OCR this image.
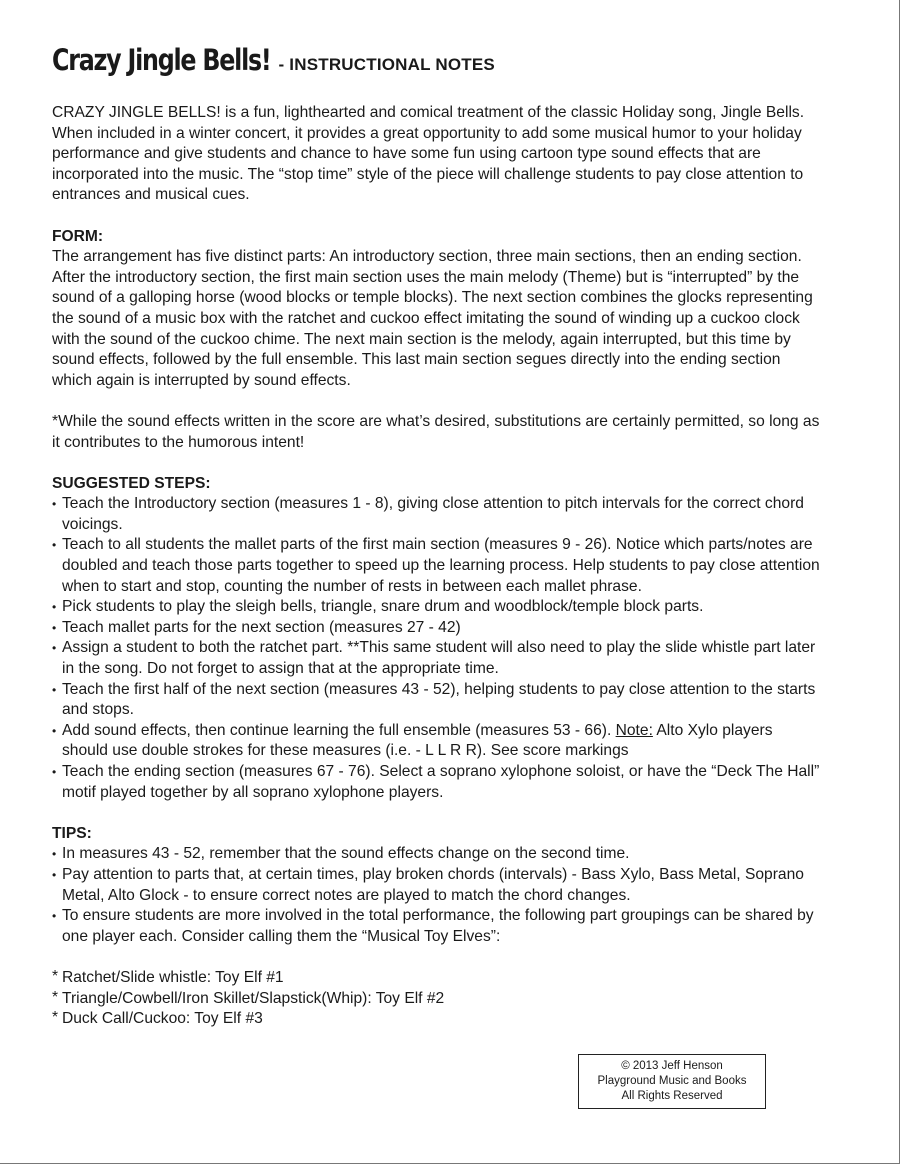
Crazy Jingle Bells! - INSTRUCTIONAL NOTES

CRAZY JINGLE BELLS! is a fun, lighthearted and comical treatment of the classic Holiday song, Jingle Bells. When included in a winter concert, it provides a great opportunity to add some musical humor to your holiday performance and give students and chance to have some fun using cartoon type sound effects that are incorporated into the music. The “stop time” style of the piece will challenge students to pay close attention to entrances and musical cues.

FORM:

The arrangement has five distinct parts: An introductory section, three main sections, then an ending section. After the introductory section, the first main section uses the main melody (Theme) but is “interrupted” by the sound of a galloping horse (wood blocks or temple blocks). The next section combines the glocks representing the sound of a music box with the ratchet and cuckoo effect imitating the sound of winding up a cuckoo clock with the sound of the cuckoo chime. The next main section is the melody, again interrupted, but this time by sound effects, followed by the full ensemble. This last main section segues directly into the ending section which again is interrupted by sound effects.

*While the sound effects written in the score are what’s desired, substitutions are certainly permitted, so long as it contributes to the humorous intent!

SUGGESTED STEPS:

• Teach the Introductory section (measures 1 - 8), giving close attention to pitch intervals for the correct chord voicings.
• Teach to all students the mallet parts of the first main section (measures 9 - 26). Notice which parts/notes are doubled and teach those parts together to speed up the learning process. Help students to pay close attention when to start and stop, counting the number of rests in between each mallet phrase.
• Pick students to play the sleigh bells, triangle, snare drum and woodblock/temple block parts.
• Teach mallet parts for the next section (measures 27 - 42)
• Assign a student to both the ratchet part. **This same student will also need to play the slide whistle part later in the song. Do not forget to assign that at the appropriate time.
• Teach the first half of the next section (measures 43 - 52), helping students to pay close attention to the starts and stops.
• Add sound effects, then continue learning the full ensemble (measures 53 - 66). Note: Alto Xylo players should use double strokes for these measures (i.e. - L L R R). See score markings
• Teach the ending section (measures 67 - 76). Select a soprano xylophone soloist, or have the “Deck The Hall” motif played together by all soprano xylophone players.

TIPS:

• In measures 43 - 52, remember that the sound effects change on the second time.
• Pay attention to parts that, at certain times, play broken chords (intervals) - Bass Xylo, Bass Metal, Soprano Metal, Alto Glock - to ensure correct notes are played to match the chord changes.
• To ensure students are more involved in the total performance, the following part groupings can be shared by one player each. Consider calling them the “Musical Toy Elves”:
* Ratchet/Slide whistle: Toy Elf #1
* Triangle/Cowbell/Iron Skillet/Slapstick(Whip): Toy Elf #2
* Duck Call/Cuckoo: Toy Elf #3
© 2013 Jeff Henson
Playground Music and Books
All Rights Reserved
